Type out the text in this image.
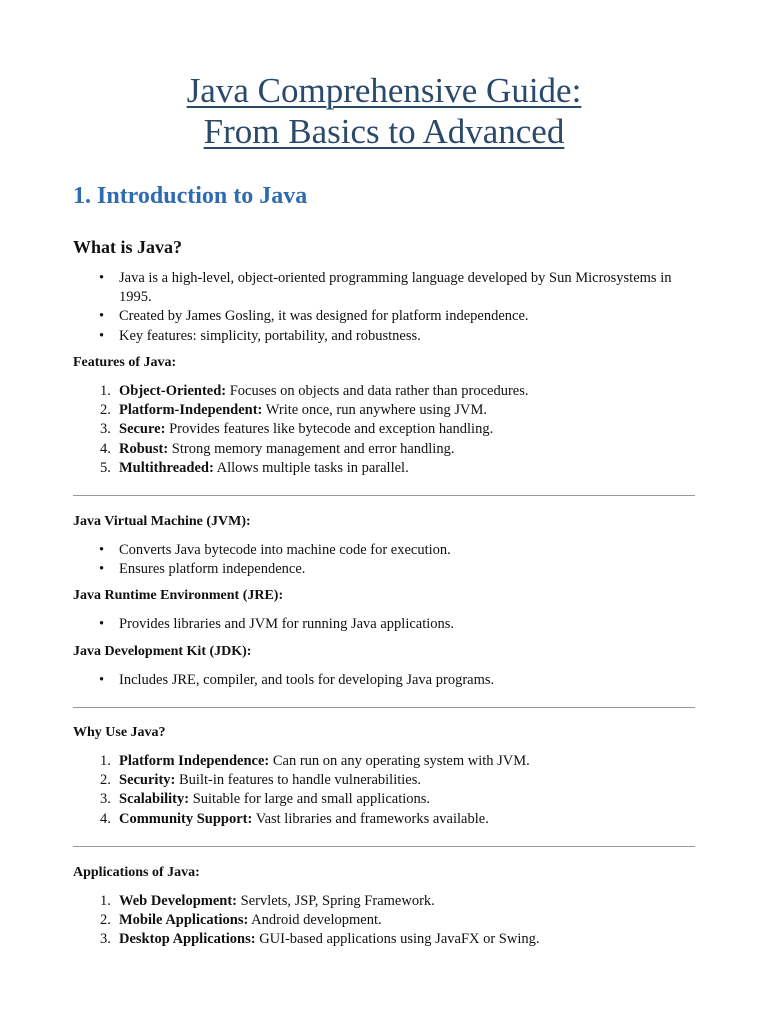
Java Comprehensive Guide:
From Basics to Advanced
1. Introduction to Java
What is Java?
• Java is a high-level, object-oriented programming language developed by Sun Microsystems in 1995.
• Created by James Gosling, it was designed for platform independence.
• Key features: simplicity, portability, and robustness.
Features of Java:
1. Object-Oriented: Focuses on objects and data rather than procedures.
2. Platform-Independent: Write once, run anywhere using JVM.
3. Secure: Provides features like bytecode and exception handling.
4. Robust: Strong memory management and error handling.
5. Multithreaded: Allows multiple tasks in parallel.
Java Virtual Machine (JVM):
• Converts Java bytecode into machine code for execution.
• Ensures platform independence.
Java Runtime Environment (JRE):
• Provides libraries and JVM for running Java applications.
Java Development Kit (JDK):
• Includes JRE, compiler, and tools for developing Java programs.
Why Use Java?
1. Platform Independence: Can run on any operating system with JVM.
2. Security: Built-in features to handle vulnerabilities.
3. Scalability: Suitable for large and small applications.
4. Community Support: Vast libraries and frameworks available.
Applications of Java:
1. Web Development: Servlets, JSP, Spring Framework.
2. Mobile Applications: Android development.
3. Desktop Applications: GUI-based applications using JavaFX or Swing.
